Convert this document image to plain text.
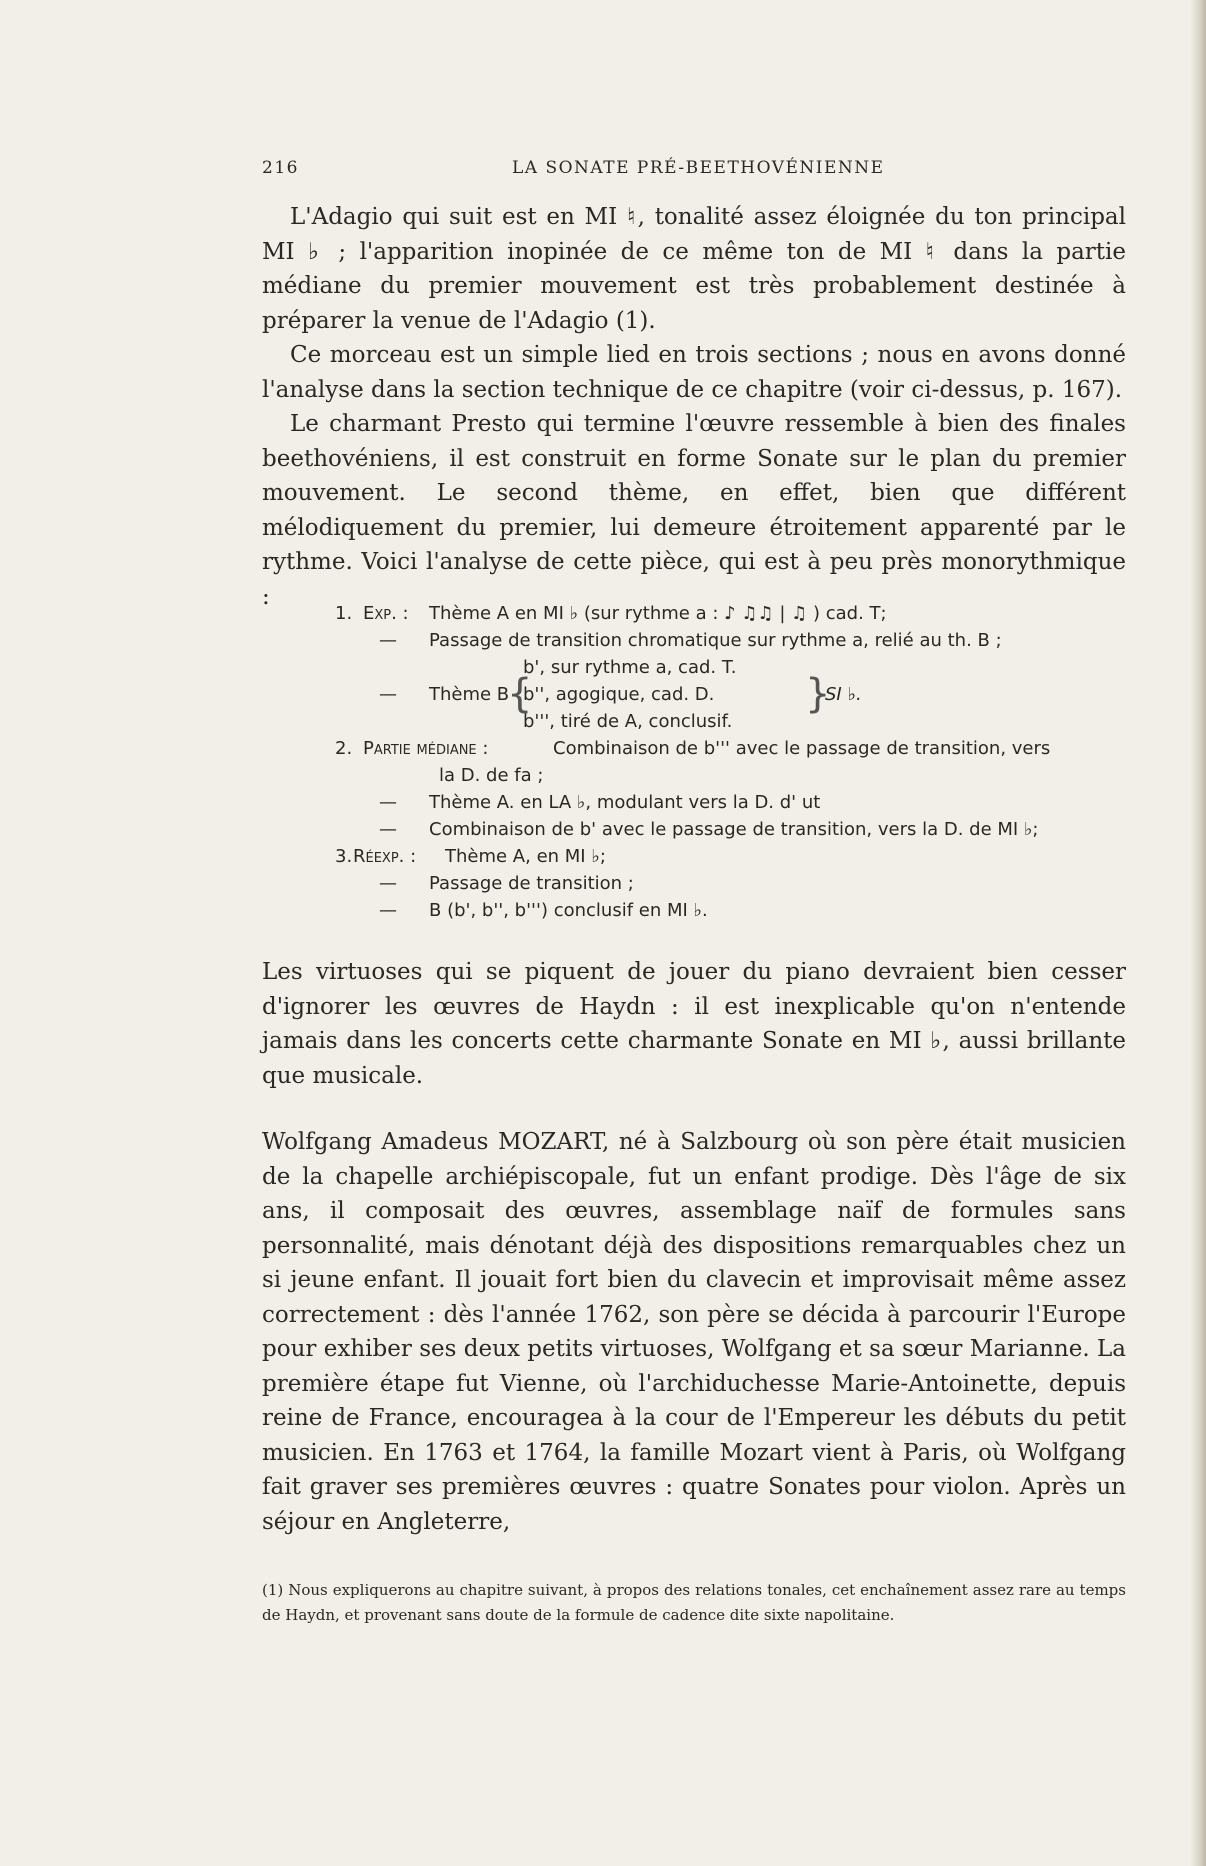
216	LA SONATE PRÉ-BEETHOVÉNIENNE

L'Adagio qui suit est en MI ♮, tonalité assez éloignée du ton principal MI ♭ ; l'apparition inopinée de ce même ton de MI ♮ dans la partie médiane du premier mouvement est très probablement destinée à préparer la venue de l'Adagio (1).

Ce morceau est un simple lied en trois sections ; nous en avons donné l'analyse dans la section technique de ce chapitre (voir ci-dessus, p. 167).

Le charmant Presto qui termine l'œuvre ressemble à bien des finales beethovéniens, il est construit en forme Sonate sur le plan du premier mouvement. Le second thème, en effet, bien que différent mélodiquement du premier, lui demeure étroitement apparenté par le rythme. Voici l'analyse de cette pièce, qui est à peu près monorythmique :

1. Exp. : Thème A en MI ♭ (sur rythme a : ♪ ♫♫ | ♫ ) cad. T;
— Passage de transition chromatique sur rythme a, relié au th. B ;
b', sur rythme a, cad. T.
— Thème B
{
b'', agogique, cad. D. }
SI ♭.
b''', tiré de A, conclusif.
2. Partie médiane :	Combinaison de b''' avec le passage de transition, vers
la D. de fa ;
— Thème A. en LA ♭, modulant vers la D. d' ut
— Combinaison de b' avec le passage de transition, vers la D. de MI ♭;
3. Réexp. : Thème A, en MI ♭;
— Passage de transition ;
— B (b', b'', b''') conclusif en MI ♭.

Les virtuoses qui se piquent de jouer du piano devraient bien cesser d'ignorer les œuvres de Haydn : il est inexplicable qu'on n'entende jamais dans les concerts cette charmante Sonate en MI ♭, aussi brillante que musicale.

Wolfgang Amadeus MOZART, né à Salzbourg où son père était musicien de la chapelle archiépiscopale, fut un enfant prodige. Dès l'âge de six ans, il composait des œuvres, assemblage naïf de formules sans personnalité, mais dénotant déjà des dispositions remarquables chez un si jeune enfant. Il jouait fort bien du clavecin et improvisait même assez correctement : dès l'année 1762, son père se décida à parcourir l'Europe pour exhiber ses deux petits virtuoses, Wolfgang et sa sœur Marianne. La première étape fut Vienne, où l'archiduchesse Marie-Antoinette, depuis reine de France, encouragea à la cour de l'Empereur les débuts du petit musicien. En 1763 et 1764, la famille Mozart vient à Paris, où Wolfgang fait graver ses premières œuvres : quatre Sonates pour violon. Après un séjour en Angleterre,

(1) Nous expliquerons au chapitre suivant, à propos des relations tonales, cet enchaînement assez rare au temps de Haydn, et provenant sans doute de la formule de cadence dite sixte napolitaine.
